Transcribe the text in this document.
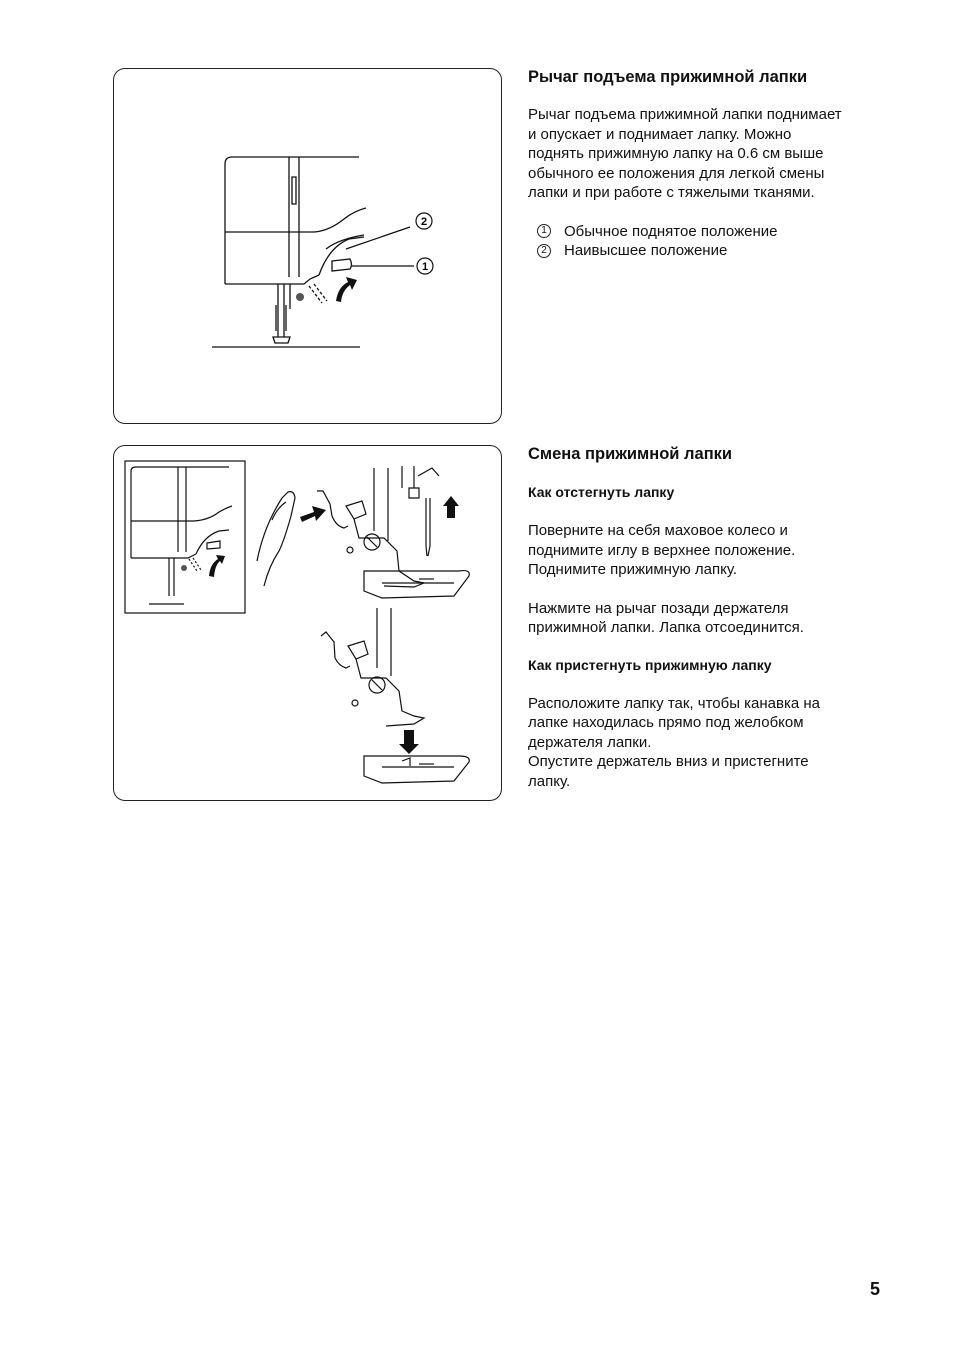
2
1
Рычаг подъема прижимной лапки

Рычаг подъема прижимной лапки поднимает
и опускает и поднимает лапку. Можно
поднять прижимную лапку на 0.6 см выше
обычного ее положения для легкой смены
лапки и при работе с тяжелыми тканями.

1 Обычное поднятое положение
2 Наивысшее положение
Смена прижимной лапки
Как отстегнуть лапку

Поверните на себя маховое колесо и
поднимите иглу в верхнее положение.
Поднимите прижимную лапку.

Нажмите на рычаг позади держателя
прижимной лапки. Лапка отсоединится.

Как пристегнуть прижимную лапку

Расположите лапку так, чтобы канавка на
лапке находилась прямо под желобком
держателя лапки.
Опустите держатель вниз и пристегните
лапку.

5
